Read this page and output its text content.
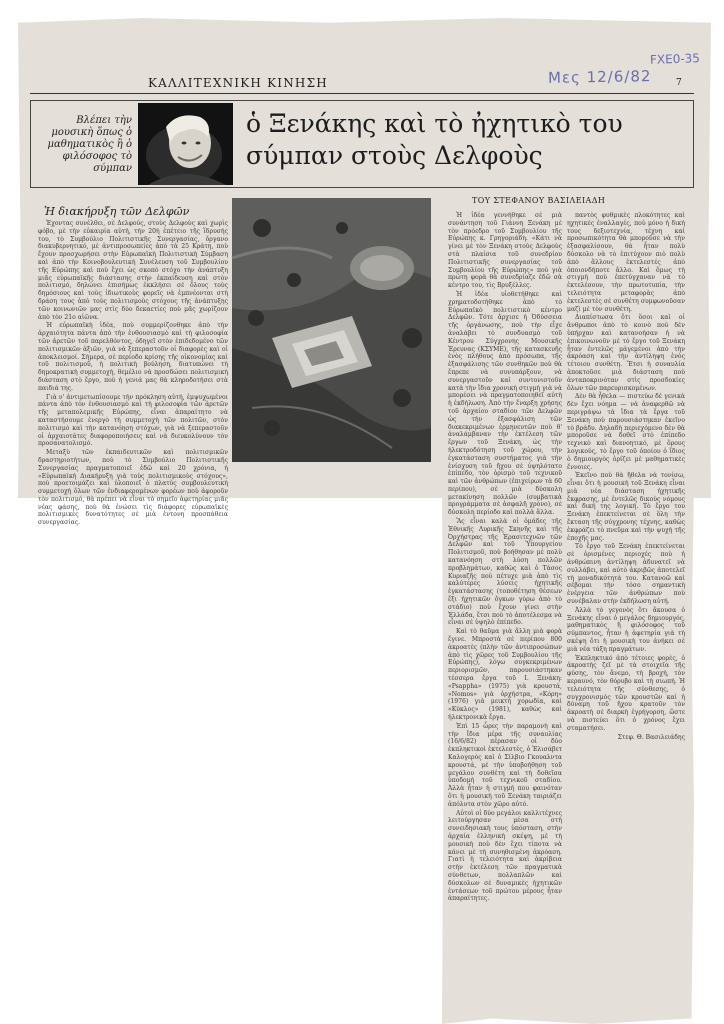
FXE0-35
Mες 12/6/82
ΚΑΛΛΙΤΕΧΝΙΚΗ ΚΙΝΗΣΗ	7
Βλέπει τὴν μουσικὴ ὅπως ὁ μαθηματικὸς ἢ ὁ φιλόσοφος τὸ σύμπαν
ὁ Ξενάκης καὶ τὸ ἠχητικὸ του σύμπαν στοὺς Δελφοὺς
Ἡ διακήρυξη τῶν Δελφῶν
ΤΟΥ ΣΤΕΦΑΝΟΥ ΒΑΣΙΛΕΙΑΔΗ

Ἐχοντας συνέλθει, σὲ Δελφούς, στοὺς Δελφοὺς καὶ χωρὶς φόβο, μὲ τὴν εὐκαιρία αὐτή, τὴν 20ὴ ἐπέτειο τῆς ἵδρυσής του, τὸ Συμβούλιο Πολιτιστικῆς Συνεργασίας, ὄργανο διακυβερνητικό, μὲ ἀντιπροσωπείες ἀπὸ τὰ 25 Κράτη, ποὺ ἔχουν προσχωρήσει στὴν Εὐρωπαϊκὴ Πολιτιστικὴ Σύμβαση καὶ ἀπὸ τὴν Κοινοβουλευτικὴ Συνέλευση τοῦ Συμβουλίου τῆς Εὐρώπης καὶ ποὺ ἔχει ὡς σκοπὸ στόχο τὴν ἀνάπτυξη μιᾶς εὐρωπαϊκῆς διάστασης στὴν ἐκπαίδευση καὶ στὸν πολιτισμό, δηλώνει ἐπισήμως ἐκκλήσει σὲ ὅλους τοὺς δημόσιους καὶ τοὺς ἰδιωτικοὺς φορεῖς νὰ ἐμπνέονται στὴ δράση τους ἀπὸ τοὺς πολιτισμοὺς στόχους τῆς ἀνάπτυξης τῶν κοινωνιῶν μας στὶς δύο δεκαετίες ποὺ μᾶς χωρίζουν ἀπὸ τὸν 21ο αἰῶνα.

Ἡ εὐρωπαϊκὴ ἰδέα, ποὺ συμμερίζονθηκε ἀπὸ τὴν ἀρχαιότητα πάντα ἀπὸ τὴν ἐνθουσιασμὸ καὶ τὴ φιλοσοφία τῶν ἀρετῶν τοῦ παρελθόντος, ὁδηγεῖ στὸν ἐπιδεδομένο τῶν πολιτισμικῶν ἀξιῶν, γιὰ νὰ ξεπεραστοῦν οἱ διαφορὲς καὶ οἱ ἀποκλεισμοί. Σήμερα, σὲ περίοδο κρίσης τῆς οἰκονομίας καὶ τοῦ πολιτισμοῦ, ἡ πολιτικὴ βούληση, διατυπώνει τὴ δημοκρατικὴ συμμετοχὴ, θεμέλιο νὰ προσδώσει πολιτισμικὴ διάσταση στὸ ἔργο, ποὺ ἡ γενιά μας θὰ κληροδοτήσει στὰ παιδιά της.

Γιὰ ν' ἀντιμετωπίσουμε τὴν πρόκληση αὐτή, ἐμψυχωμένοι πάντα ἀπὸ τὸν ἐνθουσιασμὸ καὶ τὴ φιλοσοφία τῶν ἀρετῶν τῆς μεταπολεμικῆς Εὐρώπης, εἶναι ἀπαραίτητο νὰ καταστήσουμε ἐνεργὸ τὴ συμμετοχὴ τῶν πολιτῶν, στὸν πολιτισμὸ καὶ τὴν κατανόηση στόχων, γιὰ νὰ ξεπεραστοῦν οἱ ἀρχαιοτάτες διαφοροποιήσεις καὶ νὰ διευκολύνουν τὸν προσανατολισμό.

Μεταξὺ τῶν ἐκπαιδευτικῶν καὶ πολιτισμικῶν δραστηριοτήτων, ποὺ τὸ Συμβούλιο Πολιτιστικῆς Συνεργασίας πραγματοποιεῖ ἐδῶ καὶ 20 χρόνια, ἡ «Εὐρωπαϊκὴ Διακήρυξη γιὰ τοὺς πολιτισμικοὺς στόχους», ποὺ προετοιμάζει καὶ ὑλοποιεῖ ὁ πλατὺς συμβουλευτικὴ συμμετοχὴ ὅλων τῶν ἐνδιαφερομένων φορέων ποὺ ἀφοροῦν τὸν πολιτισμό, θὰ πρέπει νὰ εἶναι τὸ σημεῖο ἀφετηρίας μιᾶς νέας φάσης, ποὺ θὰ ἐνώσει τὶς διάφορες εὐρωπαϊκὲς πολιτισμικὲς δυνατότητες σὲ μιὰ ἐντονη προσπάθεια συνεργασίας.

Ἡ ἰδέα γεννήθηκε σὲ μιὰ συνάντηση τοῦ Γιάννη Ξενάκη μὲ τὸν πρόεδρο τοῦ Συμβουλίου τῆς Εὐρώπης κ. Γρηγοριάδη. «Κάτι νὰ γίνει μὲ τὸν Ξενάκη στοὺς Δελφοὺς στὰ πλαίσια τοῦ συνεδρίου Πολιτιστικῆς συνεργασίας τοῦ Συμβουλίου τῆς Εὐρώπης» ποὺ γιὰ πρώτη φορὰ θὰ συνεδρίαζε ἐδῶ σὰ κέντρο του, τὶς Βρυξέλλες.

Ἡ ἰδέα υἱοθετήθηκε καὶ χρηματοδοτήθηκε ἀπὸ τὸ Εὐρωπαϊκὸ πολιτιστικὸ κέντρο Δελφῶν. Τότε ἄρχισε ἡ Ὀδύσσεια τῆς ὀργάνωσης, ποὺ τὴν εἶχε ἀναλάβει τὸ συνδυασμὸ τοῦ Κέντρου Σύγχρονης Μουσικῆς Ἐρευνας (ΚΣΥΜΕ), τῆς κατασκευῆς ἑνὸς πλήθους ἀπὸ πρόσωπα, τῆς ἐξασφάλισης τῶν συνθηκῶν ποὺ θὰ ἔπρεπε νὰ συνυπάρξουν, νὰ συνεργαστοῦν καὶ συντονιστοῦν κατὰ τὴν ἴδια χρονικὴ στιγμὴ γιὰ νὰ μπορέσει νὰ πραγματοποιηθεῖ αὐτὴ ἡ ἐκδήλωση. Ἀπὸ τὴν ἔναρξη χρήσης τοῦ ἀρχαίου σταδίου τῶν Δελφῶν ὡς τὴν ἐξασφάλιση τῶν διακεκριμένων ἑρμηνευτῶν ποὺ θ' ἀναλάμβαναν τὴν ἐκτέλεση τῶν ἔργων τοῦ Ξενάκη, ὡς τὴν ἠλεκτροδότηση τοῦ χώρου, τὴν ἐγκατάσταση συστήματος γιὰ τὴν ἐνίσχυση τοῦ ἤχου σὲ ὑψηλότατο ἐπίπεδο, τὸν ὀρισμὸ τοῦ τεχνικοῦ καὶ τῶν ἀνθρώπων (ἐπιχείρων τὰ 60 περίπου), σὲ μιὰ δύσκολη μετακίνηση πολλῶν (συμβατικὰ προγράμματα σὲ ἀσφαλῆ χρόνο), σὲ δύσκολη περίοδο καὶ πολλὰ ἄλλα.

Ἂς εἶναι καλὰ οἱ ὁμάδες τῆς Ἐθνικῆς Λυρικῆς Σκηνῆς καὶ τῆς Ὀρχήστρας τῆς Ἐρασιτεχνῶν τῶν Δελφῶν καὶ τοῦ Ὑπουργείου Πολιτισμοῦ, ποὺ βοήθησαν μὲ πολὺ κατανόηση στὴ λύση πολλῶν προβλημάτων, καθὼς καὶ ὁ Τάσος Κυριαζῆς ποὺ πέτυχε μιὰ ἀπὸ τὶς καλύτερες λύσεις ἠχητικῆς ἐγκατάστασης (τοποθέτηση θέσεων ἔξι ἠχητικῶν ὄγκων γύρω ἀπὸ τὸ στάδιο) ποὺ ἔχουν γίνει στὴν Ἑλλάδα, ἔτσι ποὺ τὸ ἀποτέλεσμα νὰ εἶναι σὲ ὑψηλὸ ἐπίπεδο.

Καὶ τὸ θαῦμα γιὰ ἄλλη μιὰ φορὰ ἔγινε. Μπροστὰ σὲ περίπου 800 ἀκροατὲς (πλὴν τῶν ἀντιπροσώπων ἀπὸ τὶς χῶρες τοῦ Συμβουλίου τῆς Εὐρώπης), λόγω συγκεκριμένων περιορισμῶν, παρουσιάστηκαν τέσσερα ἔργα τοῦ Ι. Ξενάκη: «Psappha» (1975) γιὰ κρουστά, «Nomos» γιὰ ὀρχήστρα, «Κόρη» (1976) γιὰ μεικτὴ χορωδία, καὶ «Κύκλος» (1981), καθὼς καὶ ἠλεκτρονικὰ ἔργα.

Ἐπὶ 15 ὧρες τὴν παραμονὴ καὶ τὴν ἴδια μέρα τῆς συναυλίας (16/6/82) πέρασαν οἱ δύο ἐκπληκτικοὶ ἐκτελεστές, ὁ Ἐλισάβετ Καλογερὸς καὶ ὁ Σίλβιο Γκουαλντα κρουστά, μὲ τὴν ὑποβοήθηση τοῦ μεγάλου συνθέτη καὶ τὴ δοθεῖσα ὑποδομή τοῦ τεχνικοῦ σταδίου. Ἀλλὰ ἦταν ἡ στιγμή που φαινόταν ὅτι ἡ μουσικὴ τοῦ Ξενάκη ταιριάζει ἀπόλυτα στὸν χῶρο αὐτό.

Αὐτοὶ οἱ δύο μεγάλοι καλλιτέχνες λειτούργησαν μέσα στὴ συνειδησιακὴ τους ὑπόσταση, στὴν ἀρχαία ἑλληνικὴ σκέψη, μὲ τὴ μουσικὴ ποὺ δὲν ἔχει τίποτα νὰ κάνει μὲ τὴ συνηθισμένη ἀκρόαση. Γιατὶ ἡ τελειότητα καὶ ἀκρίβεια στὴν ἐκτέλεση τῶν πραγματικὰ σύνθετων, πολλαπλῶν καὶ δύσκολων σὲ δυναμικὲς ἠχητικῶν ἐντάσεων τοῦ πρώτου μέρους ἦταν ἀπαραίτητες.

παντὸς φυθμικὲς πλοκότητες καὶ ηχητικὲς ἐναλλαγές, ποὺ μόνο ἡ δική τους δεξιοτεχνία, τέχνη καὶ προσωπικότητα θὰ μποροῦσε νὰ τὴν ἐξασφαλίσουν, θὰ ἦταν πολὺ δύσκολο νὰ τὸ ἐπιτύχουν πιὸ πολὺ ἀπὸ ἄλλους ἐκτελεστές ἀπὸ ὁποιονδήποτε ἄλλο. Καὶ ὅμως τὴ στιγμὴ ποὺ ἐπετύγχαναν νὰ τὸ ἐκτελέσουν, τὴν πρωτοτυπία, τὴν τελειότητα μεταφορὰς ἀπὸ ἐκτελεστὲς σὲ συνθέτη συμφωνοῦσαν μαζὶ μὲ τὸν συνθέτη.

Διαπίστωσα ὅτι ὅσοι καὶ οἱ ἄνθρωποι ἀπὸ τὸ κοινὸ ποὺ δὲν ὑπήρχαν καὶ κατανοήσαν ἡ νὰ ἐπικοινωνοῦν μὲ τὸ ἔργο τοῦ Ξενάκη ἦταν ἐντελῶς μάγεμένοι ἀπὸ τὴν ἀκρόαση καὶ τὴν ἀντίληψη ἑνὸς τέτοιου συνθέτη. Ἔτσι ἡ συναυλία ἀποκτοῦσε μιὰ διάσταση ποὺ ἀνταποκρινόταν στὶς προσδοκίες ὅλων τῶν παρευρισκομένων.

Δὲν θὰ ἦθελα — πιστεύω δὲ γενικὰ δὲν ἔχει νόημα — νὰ ἀναφερθῶ νὰ περιγράψω τὰ ἴδια τὰ ἔργα τοῦ Ξενάκη ποὺ παρουσιάστηκαν ἐκεῖνο τὸ βράδυ. Δηλαδὴ περιεχόμενο δὲν θὰ μποροῦσε νὰ δοθεῖ στὸ ἐπίπεδο τεχνικὸ καὶ διανοητικό, μὲ ὅρους λογικούς, τὸ ἔργο τοῦ ὁποίου ὁ ἴδιος ὁ δημιουργὸς ὁρίζει μὲ μαθηματικὲς ἔννοιες.

Ἐκεῖνο ποὺ θὰ ἤθελα νὰ τονίσω, εἶναι ὅτι ἡ μουσικὴ τοῦ Ξενάκη εἶναι μιὰ νέα διάσταση ἠχητικῆς ἔκφρασης, μὲ ἐντελῶς δικοὺς νόμους καὶ δική της λογική. Τὸ ἔργο του Ξενάκη ἐπεκτείνεται σὲ ὅλη τὴν ἔκταση τῆς σύγχρονης τέχνης, καθὼς ἐκφράζει τὸ πνεῦμα καὶ τὴν ψυχὴ τῆς ἐποχῆς μας.

Τὸ ἔργο τοῦ Ξενάκη ἐπεκτείνεται σὲ ὀρισμένες περιοχές ποὺ ἡ ἀνθρώπινη ἀντίληψη ἀδυνατεῖ νὰ συλλάβει, καὶ αὐτὸ ἀκριβῶς ἀποτελεῖ τὴ μοναδικότητά του. Κατανοῶ καὶ σέβομαι τὴν τόσο σημαντικὴ ἐνέργεια τῶν ἀνθρώπων ποὺ συνέβαλαν στὴν ἐκδήλωση αὐτή.

Ἀλλὰ τὸ γεγονὸς ὅτι ἄκουσα ὁ Ξενάκης εἶναι ὁ μεγάλος δημιουργός, μαθηματικὸς ἢ φιλόσοφος τοῦ σύμπαντος, ἦταν ἡ ἀφετηρία γιὰ τὴ σκέψη ὅτι ἡ μουσικὴ του ἀνήκει σὲ μιὰ νέα τάξη πραγμάτων.

Ἐκπληκτικό ἀπὸ τέτοιες φορὲς, ὁ ἀκροατὴς ζεῖ μὲ τὰ στοιχεῖα τῆς φύσης, τὸν ἄνεμο, τὴ βροχή, τὸν κεραυνό, τὸν θόρυβο καὶ τὴ σιωπή. Ἡ τελειότητα τῆς σύνθεσης, ὁ συγχρονισμὸς τῶν κρουστῶν καὶ ἡ δύναμη τοῦ ἤχου κρατοῦν τὸν ἀκροατὴ σὲ διαρκὴ ἐγρήγορση, ὥστε νὰ πιστεύει ὅτι ὁ χρόνος ἔχει σταματήσει.

Στεφ. Θ. Βασιλειάδης
